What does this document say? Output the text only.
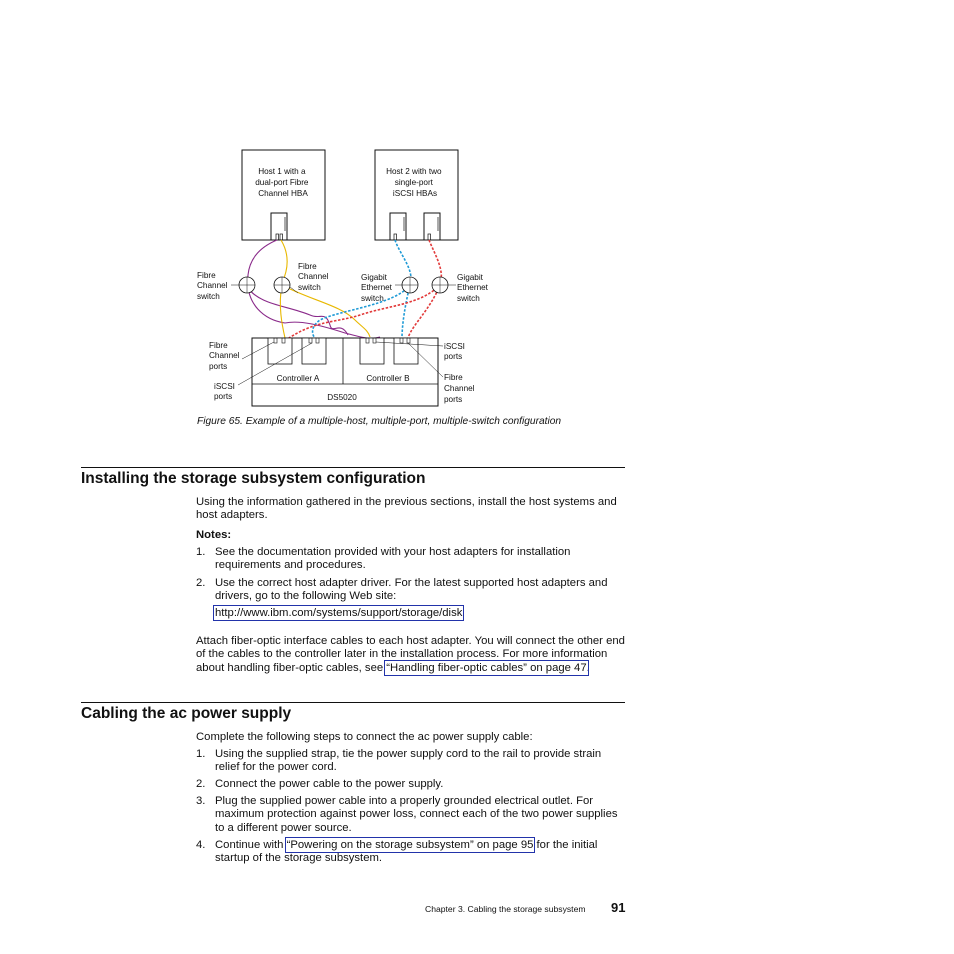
Host 1 with a dual-port Fibre Channel HBA
Host 2 with two single-port iSCSI HBAs
Fibre Channel switch
Fibre Channel switch
Gigabit Ethernet switch
Gigabit Ethernet switch
Controller A	Controller B
DS5020
Fibre Channel ports
iSCSI ports
iSCSI ports
Fibre Channel ports
Figure 65. Example of a multiple-host, multiple-port, multiple-switch configuration
Installing the storage subsystem configuration
Using the information gathered in the previous sections, install the host systems and host adapters.
Notes:
1. See the documentation provided with your host adapters for installation requirements and procedures.
2. Use the correct host adapter driver. For the latest supported host adapters and drivers, go to the following Web site:
http://www.ibm.com/systems/support/storage/disk
Attach fiber-optic interface cables to each host adapter. You will connect the other end of the cables to the controller later in the installation process. For more information about handling fiber-optic cables, see “Handling fiber-optic cables” on page 47.
Cabling the ac power supply
Complete the following steps to connect the ac power supply cable:
1. Using the supplied strap, tie the power supply cord to the rail to provide strain relief for the power cord.
2. Connect the power cable to the power supply.
3. Plug the supplied power cable into a properly grounded electrical outlet. For maximum protection against power loss, connect each of the two power supplies to a different power source.
4. Continue with “Powering on the storage subsystem” on page 95 for the initial startup of the storage subsystem.
Chapter 3. Cabling the storage subsystem 91
